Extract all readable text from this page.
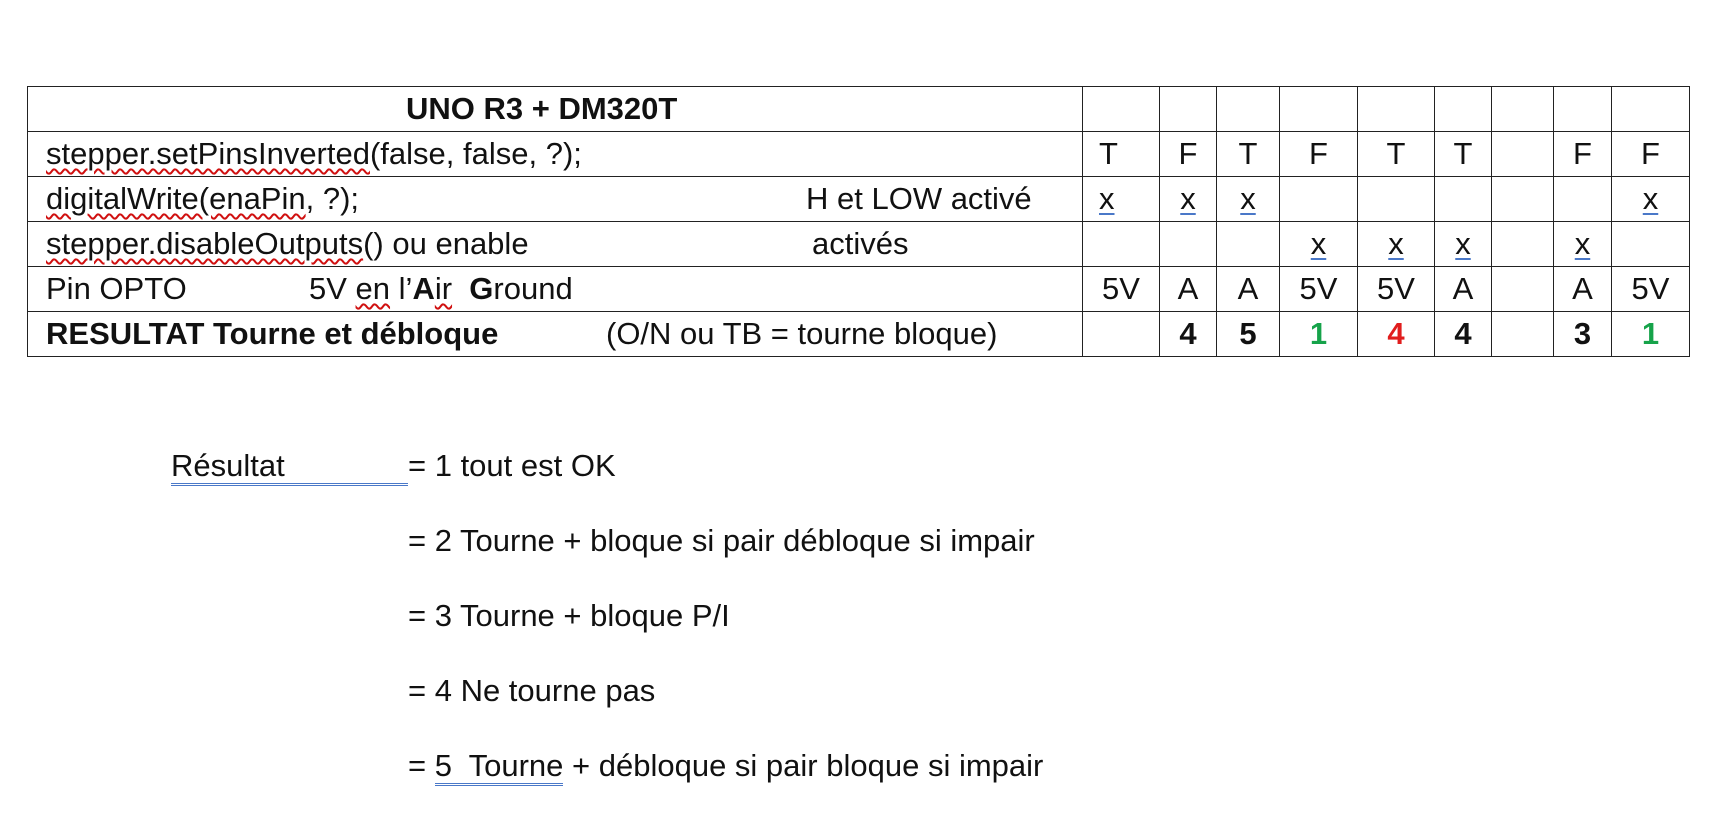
UNO R3 + DM320T									

stepper.setPinsInverted(false, false, ?);	T	F	T	F	T	T		F	F

digitalWrite(enaPin, ?); H et LOW activé	x	x	x						x

stepper.disableOutputs() ou enable activés				x	x	x		x	

Pin OPTO 5V en l’Air Ground	5V	A	A	5V	5V	A		A	5V

RESULTAT Tourne et débloque (O/N ou TB = tourne bloque)		4	5	1	4	4		3	1
Résultat	= 1 tout est OK
= 2 Tourne + bloque si pair débloque si impair
= 3 Tourne + bloque P/I
= 4 Ne tourne pas
= 5  Tourne + débloque si pair bloque si impair
